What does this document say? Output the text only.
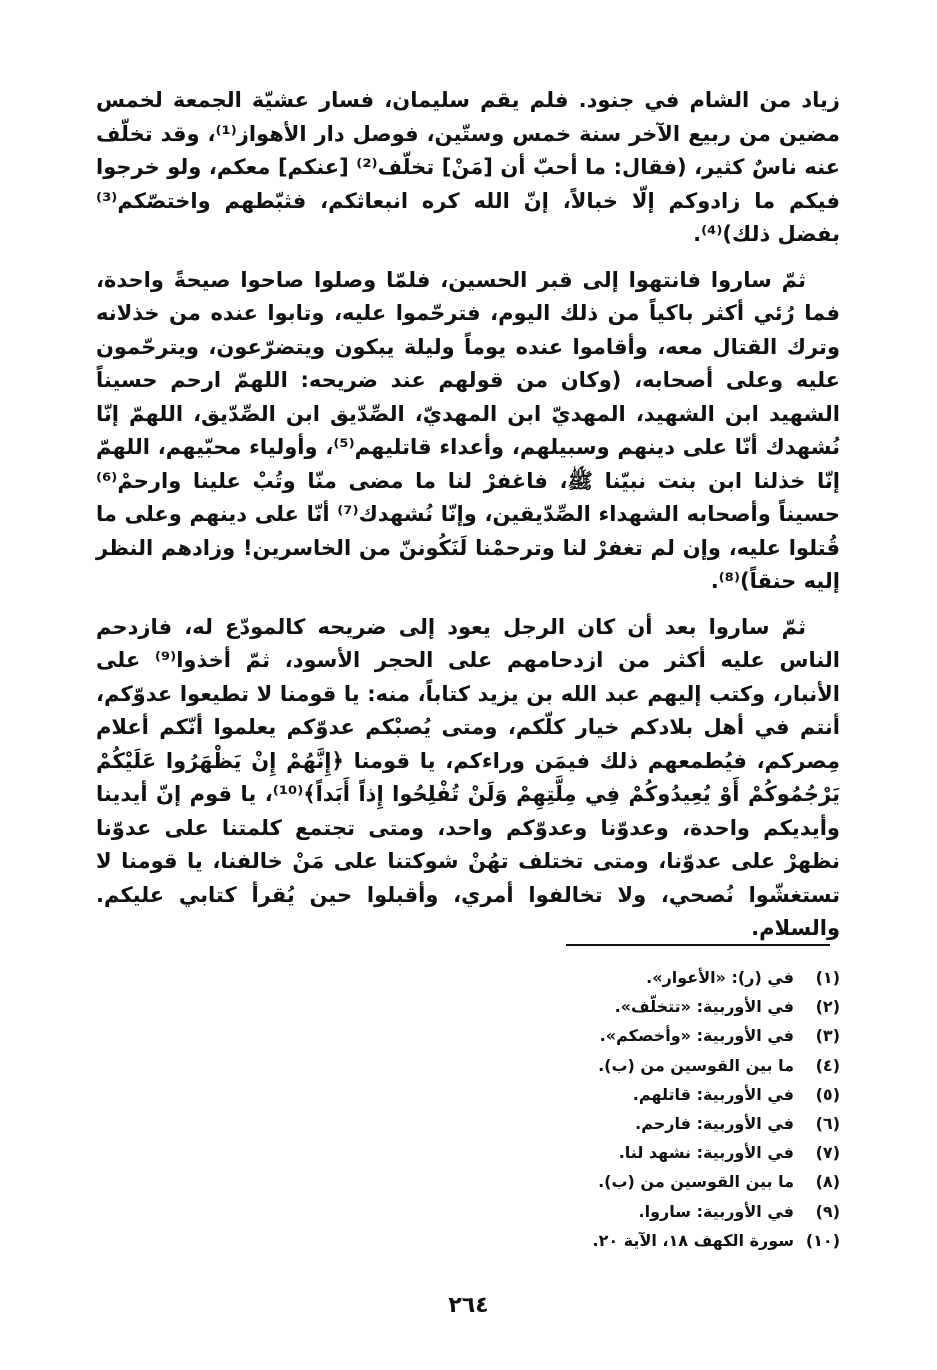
زياد من الشام في جنود. فلم يقم سليمان، فسار عشيّة الجمعة لخمس مضين من ربيع الآخر سنة خمس وستّين، فوصل دار الأهواز⁽¹⁾، وقد تخلّف عنه ناسٌ كثير، (فقال: ما أحبّ أن [مَنْ] تخلّف⁽²⁾ [عنكم] معكم، ولو خرجوا فيكم ما زادوكم إلّا خبالاً، إنّ الله كره انبعاثكم، فثبّطهم واختصّكم⁽³⁾ بفضل ذلك)⁽⁴⁾.

ثمّ ساروا فانتهوا إلى قبر الحسين، فلمّا وصلوا صاحوا صيحةً واحدة، فما رُئي أكثر باكياً من ذلك اليوم، فترحّموا عليه، وتابوا عنده من خذلانه وترك القتال معه، وأقاموا عنده يوماً وليلة يبكون ويتضرّعون، ويترحّمون عليه وعلى أصحابه، (وكان من قولهم عند ضريحه: اللهمّ ارحم حسيناً الشهيد ابن الشهيد، المهديّ ابن المهديّ، الصِّدّيق ابن الصِّدّيق، اللهمّ إنّا نُشهدك أنّا على دينهم وسبيلهم، وأعداء قاتليهم⁽⁵⁾، وأولياء محبّيهم، اللهمّ إنّا خذلنا ابن بنت نبيّنا ﷺ، فاغفرْ لنا ما مضى منّا وتُبْ علينا وارحمْ⁽⁶⁾ حسيناً وأصحابه الشهداء الصِّدّيقين، وإنّا نُشهدك⁽⁷⁾ أنّا على دينهم وعلى ما قُتلوا عليه، وإن لم تغفرْ لنا وترحمْنا لَنَكُوننّ من الخاسرين! وزادهم النظر إليه حنقاً)⁽⁸⁾.

ثمّ ساروا بعد أن كان الرجل يعود إلى ضريحه كالمودّع له، فازدحم الناس عليه أكثر من ازدحامهم على الحجر الأسود، ثمّ أخذوا⁽⁹⁾ على الأنبار، وكتب إليهم عبد الله بن يزيد كتاباً، منه: يا قومنا لا تطيعوا عدوّكم، أنتم في أهل بلادكم خيار كلّكم، ومتى يُصبْكم عدوّكم يعلموا أنّكم أعلام مِصركم، فيُطمعهم ذلك فيمَن وراءكم، يا قومنا ﴿إِنَّهُمْ إِنْ يَظْهَرُوا عَلَيْكُمْ يَرْجُمُوكُمْ أَوْ يُعِيدُوكُمْ فِي مِلَّتِهِمْ وَلَنْ تُفْلِحُوا إِذاً أَبَداً﴾⁽¹⁰⁾، يا قوم إنّ أيدينا وأيديكم واحدة، وعدوّنا وعدوّكم واحد، ومتى تجتمع كلمتنا على عدوّنا نظهرْ على عدوّنا، ومتى تختلف تهُنْ شوكتنا على مَنْ خالفنا، يا قومنا لا تستغشّوا نُصحي، ولا تخالفوا أمري، وأقبلوا حين يُقرأ كتابي عليكم. والسلام.

(١)
في (ر): «الأعوار».
(٢)
في الأوربية: «تتخلّف».
(٣)
في الأوربية: «وأخصكم».
(٤)
ما بين القوسين من (ب).
(٥)
في الأوربية: قاتلهم.
(٦)
في الأوربية: فارحم.
(٧)
في الأوربية: نشهد لنا.
(٨)
ما بين القوسين من (ب).
(٩)
في الأوربية: ساروا.
(١٠)
سورة الكهف ١٨، الآية ٢٠.
٢٦٤
